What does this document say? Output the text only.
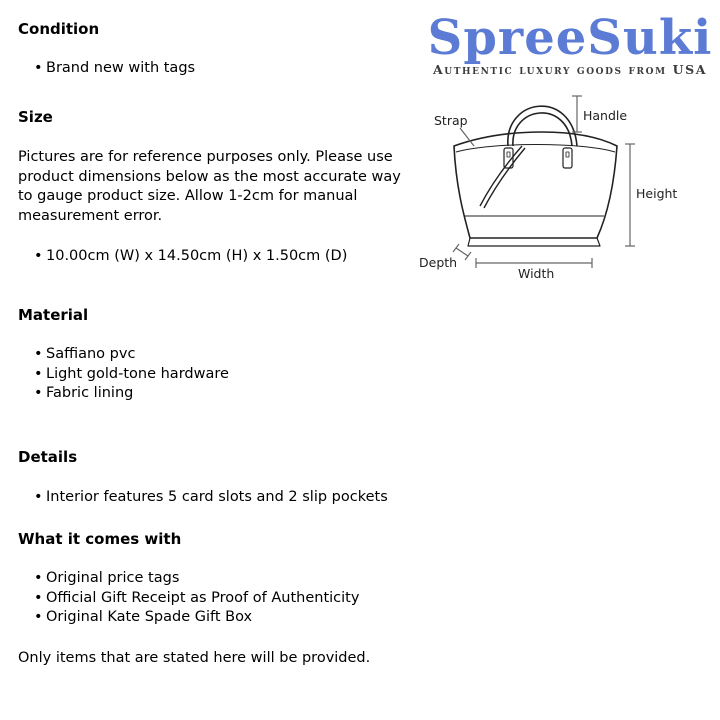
Condition
• Brand new with tags
Size

Pictures are for reference purposes only. Please use product dimensions below as the most accurate way to gauge product size. Allow 1-2cm for manual measurement error.

• 10.00cm (W) x 14.50cm (H) x 1.50cm (D)
Material
• Saffiano pvc
• Light gold-tone hardware
• Fabric lining
Details
• Interior features 5 card slots and 2 slip pockets
What it comes with
• Original price tags
• Official Gift Receipt as Proof of Authenticity
• Original Kate Spade Gift Box

Only items that are stated here will be provided.

SpreeSuki
Authentic luxury goods from USA
Strap	Handle
Height
Depth
Width
